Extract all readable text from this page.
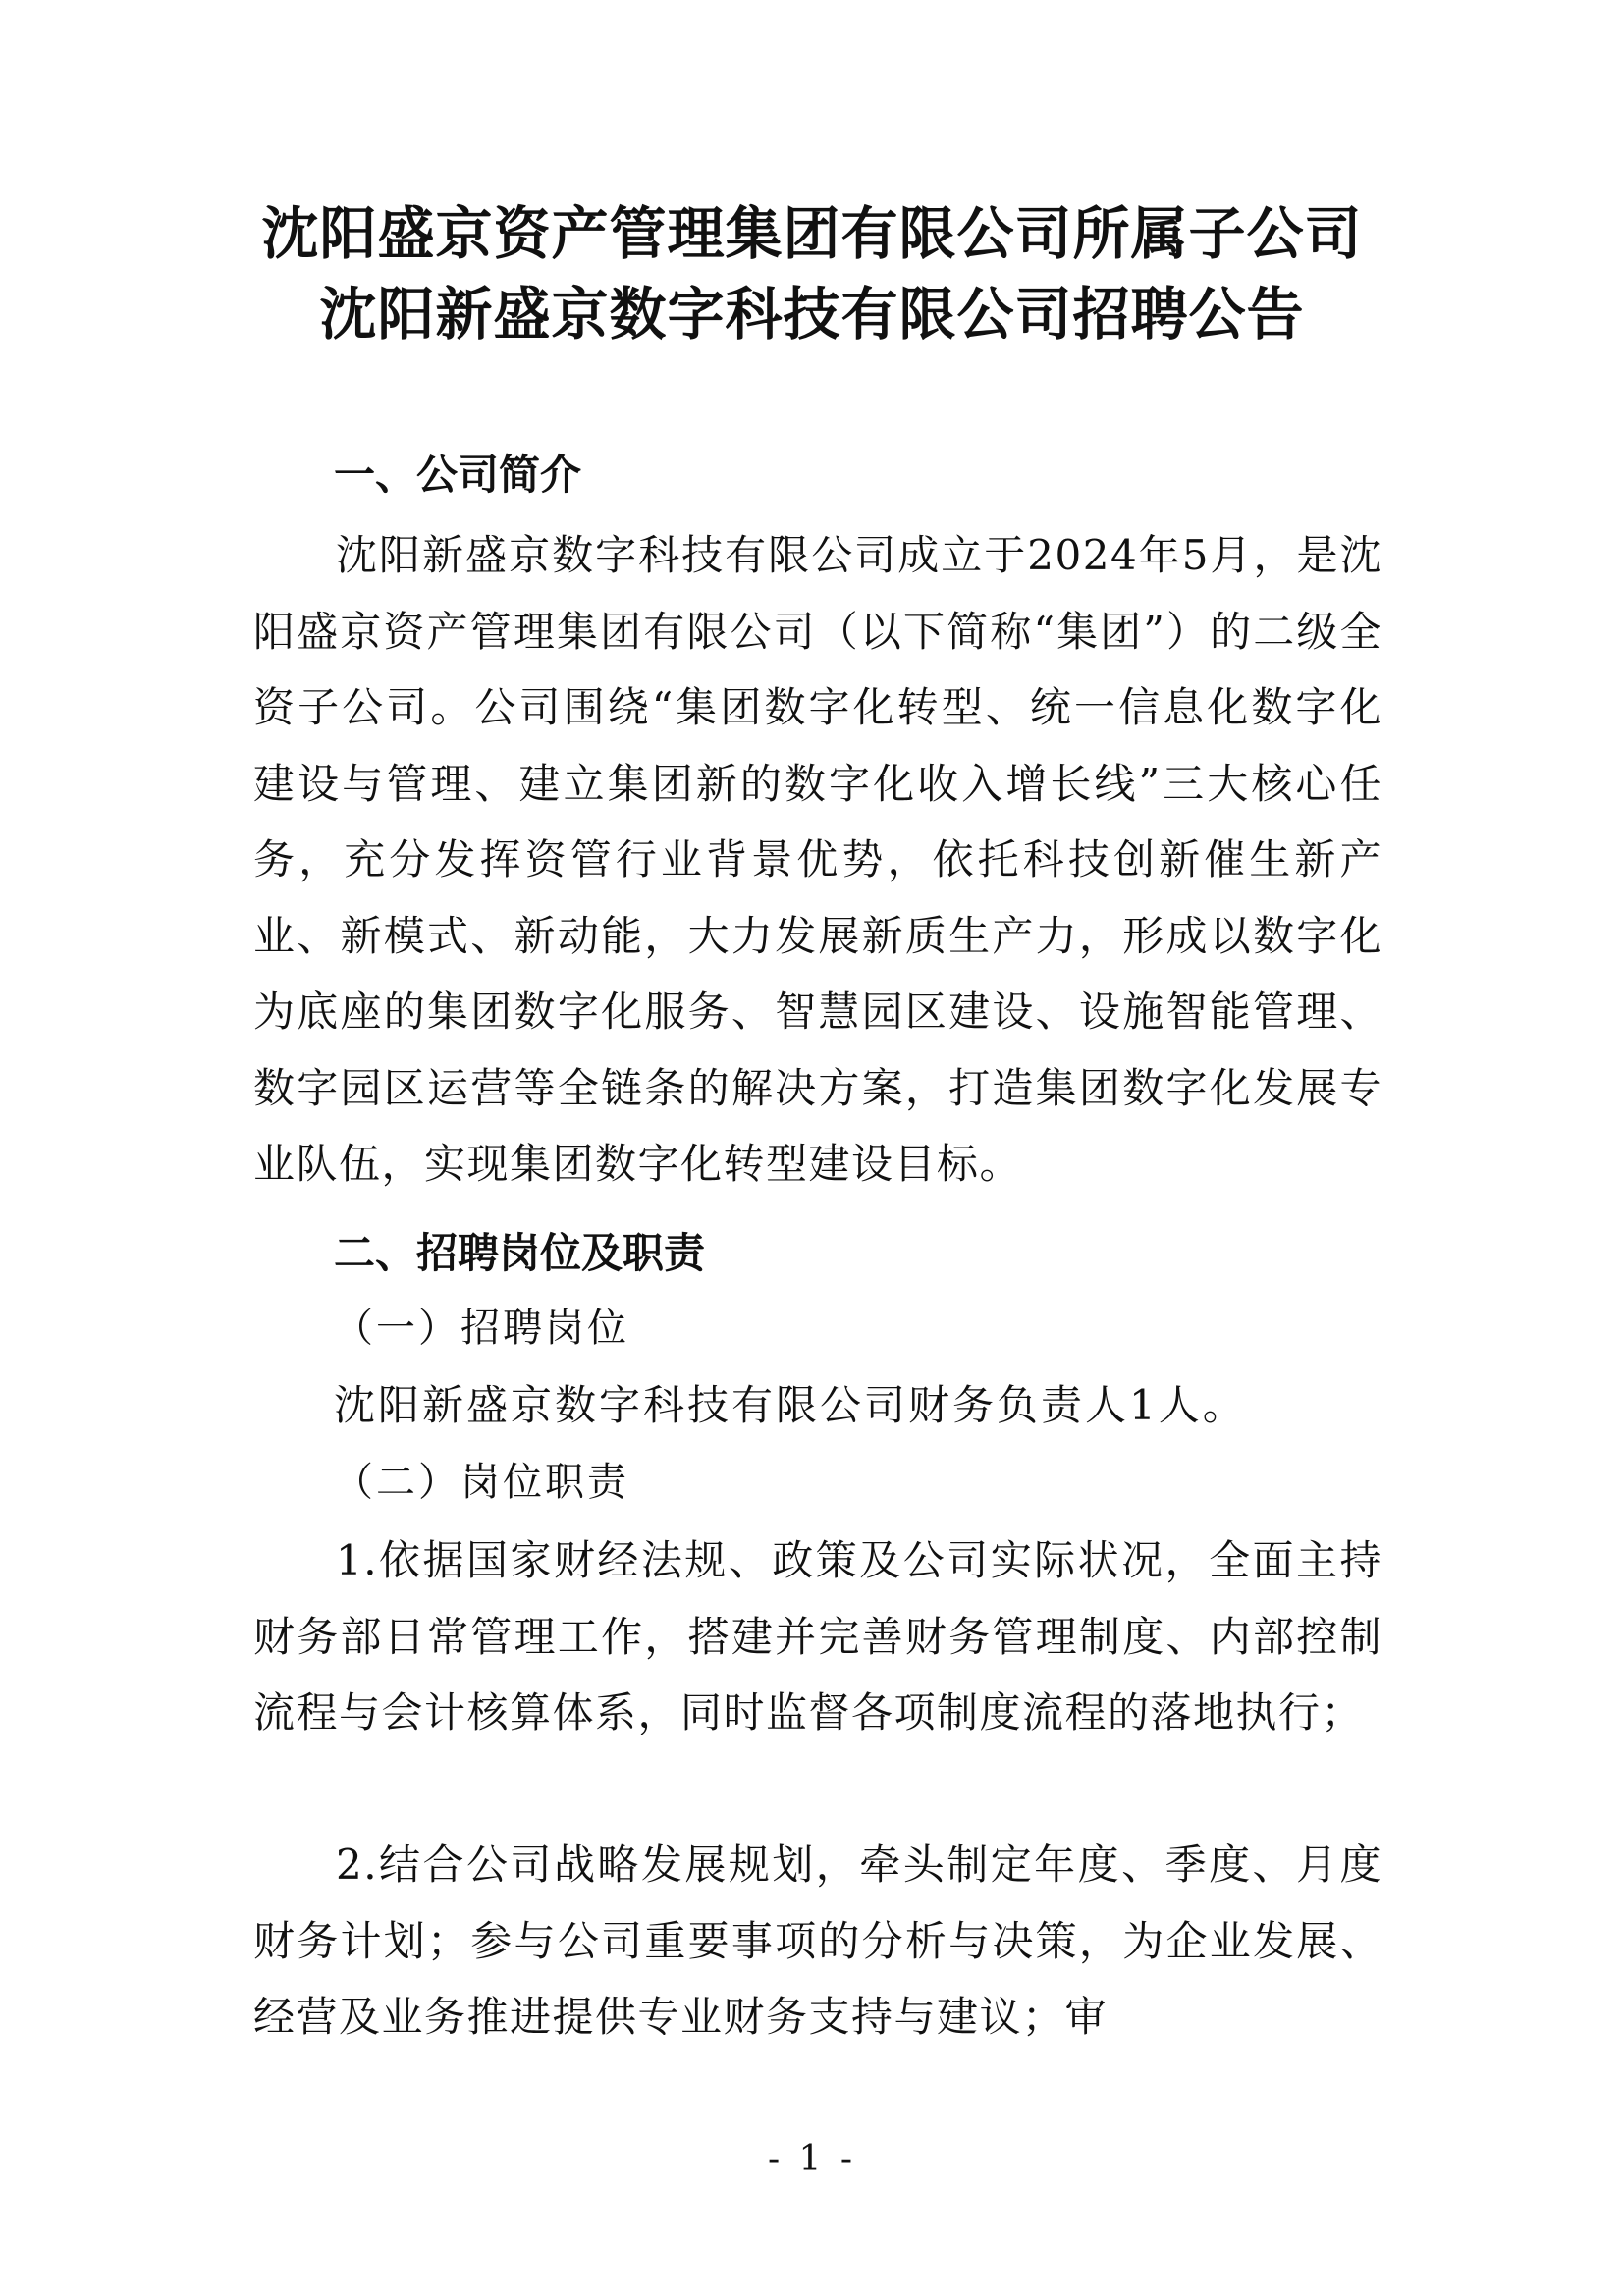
沈阳盛京资产管理集团有限公司所属子公司
沈阳新盛京数字科技有限公司招聘公告
一、公司简介
沈阳新盛京数字科技有限公司成立于2024年5月，是沈阳盛京资产管理集团有限公司（以下简称“集团”）的二级全资子公司。公司围绕“集团数字化转型、统一信息化数字化建设与管理、建立集团新的数字化收入增长线”三大核心任务，充分发挥资管行业背景优势，依托科技创新催生新产业、新模式、新动能，大力发展新质生产力，形成以数字化为底座的集团数字化服务、智慧园区建设、设施智能管理、数字园区运营等全链条的解决方案，打造集团数字化发展专业队伍，实现集团数字化转型建设目标。
二、招聘岗位及职责
（一）招聘岗位
沈阳新盛京数字科技有限公司财务负责人1人。
（二）岗位职责
1.依据国家财经法规、政策及公司实际状况，全面主持财务部日常管理工作，搭建并完善财务管理制度、内部控制流程与会计核算体系，同时监督各项制度流程的落地执行；
2.结合公司战略发展规划，牵头制定年度、季度、月度财务计划；参与公司重要事项的分析与决策，为企业发展、经营及业务推进提供专业财务支持与建议；审
- 1 -
